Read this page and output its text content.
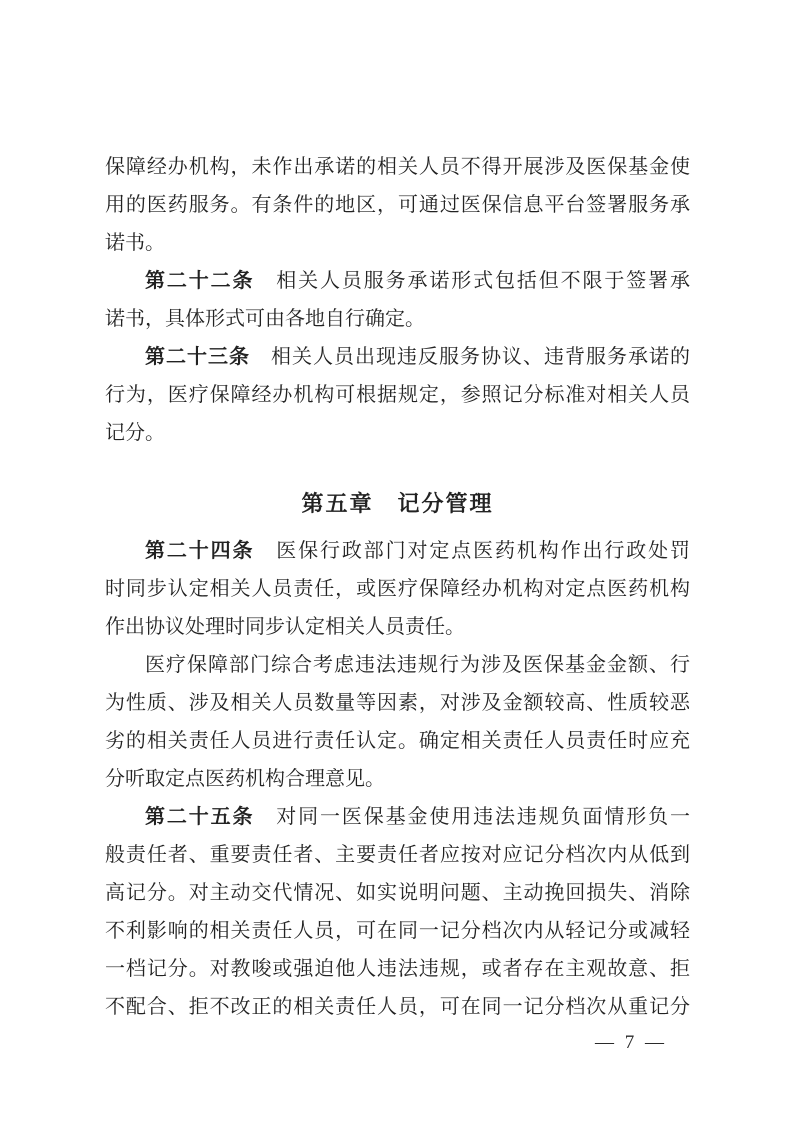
保障经办机构，未作出承诺的相关人员不得开展涉及医保基金使
用的医药服务。有条件的地区，可通过医保信息平台签署服务承
诺书。
第二十二条　相关人员服务承诺形式包括但不限于签署承
诺书，具体形式可由各地自行确定。
第二十三条　相关人员出现违反服务协议、违背服务承诺的
行为，医疗保障经办机构可根据规定，参照记分标准对相关人员
记分。
第五章　记分管理
第二十四条　医保行政部门对定点医药机构作出行政处罚
时同步认定相关人员责任，或医疗保障经办机构对定点医药机构
作出协议处理时同步认定相关人员责任。
医疗保障部门综合考虑违法违规行为涉及医保基金金额、行
为性质、涉及相关人员数量等因素，对涉及金额较高、性质较恶
劣的相关责任人员进行责任认定。确定相关责任人员责任时应充
分听取定点医药机构合理意见。
第二十五条　对同一医保基金使用违法违规负面情形负一
般责任者、重要责任者、主要责任者应按对应记分档次内从低到
高记分。对主动交代情况、如实说明问题、主动挽回损失、消除
不利影响的相关责任人员，可在同一记分档次内从轻记分或减轻
一档记分。对教唆或强迫他人违法违规，或者存在主观故意、拒
不配合、拒不改正的相关责任人员，可在同一记分档次从重记分
— 7 —
